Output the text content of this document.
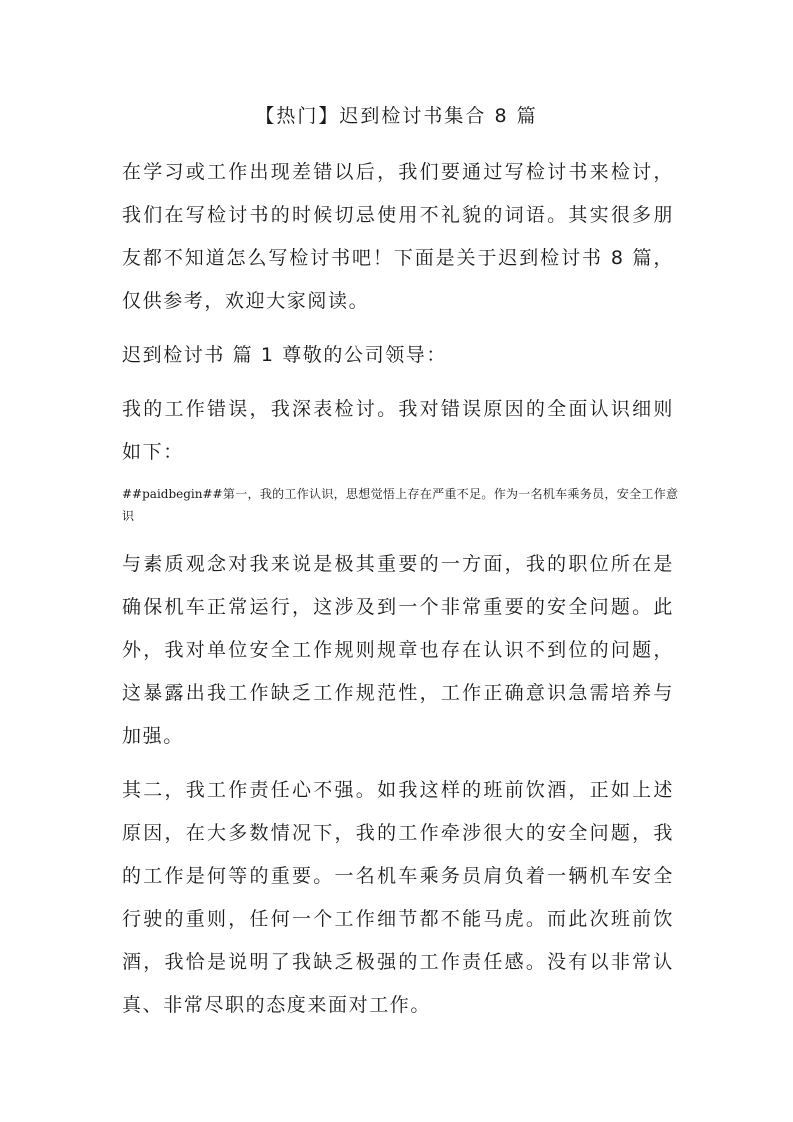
【热门】迟到检讨书集合 8 篇

在学习或工作出现差错以后，我们要通过写检讨书来检讨，我们在写检讨书的时候切忌使用不礼貌的词语。其实很多朋友都不知道怎么写检讨书吧！下面是关于迟到检讨书 8 篇，仅供参考，欢迎大家阅读。

迟到检讨书 篇 1 尊敬的公司领导：

我的工作错误，我深表检讨。我对错误原因的全面认识细则如下：

##paidbegin##第一，我的工作认识，思想觉悟上存在严重不足。作为一名机车乘务员，安全工作意识

与素质观念对我来说是极其重要的一方面，我的职位所在是确保机车正常运行，这涉及到一个非常重要的安全问题。此外，我对单位安全工作规则规章也存在认识不到位的问题，这暴露出我工作缺乏工作规范性，工作正确意识急需培养与加强。

其二，我工作责任心不强。如我这样的班前饮酒，正如上述原因，在大多数情况下，我的工作牵涉很大的安全问题，我的工作是何等的重要。一名机车乘务员肩负着一辆机车安全行驶的重则，任何一个工作细节都不能马虎。而此次班前饮酒，我恰是说明了我缺乏极强的工作责任感。没有以非常认真、非常尽职的态度来面对工作。
